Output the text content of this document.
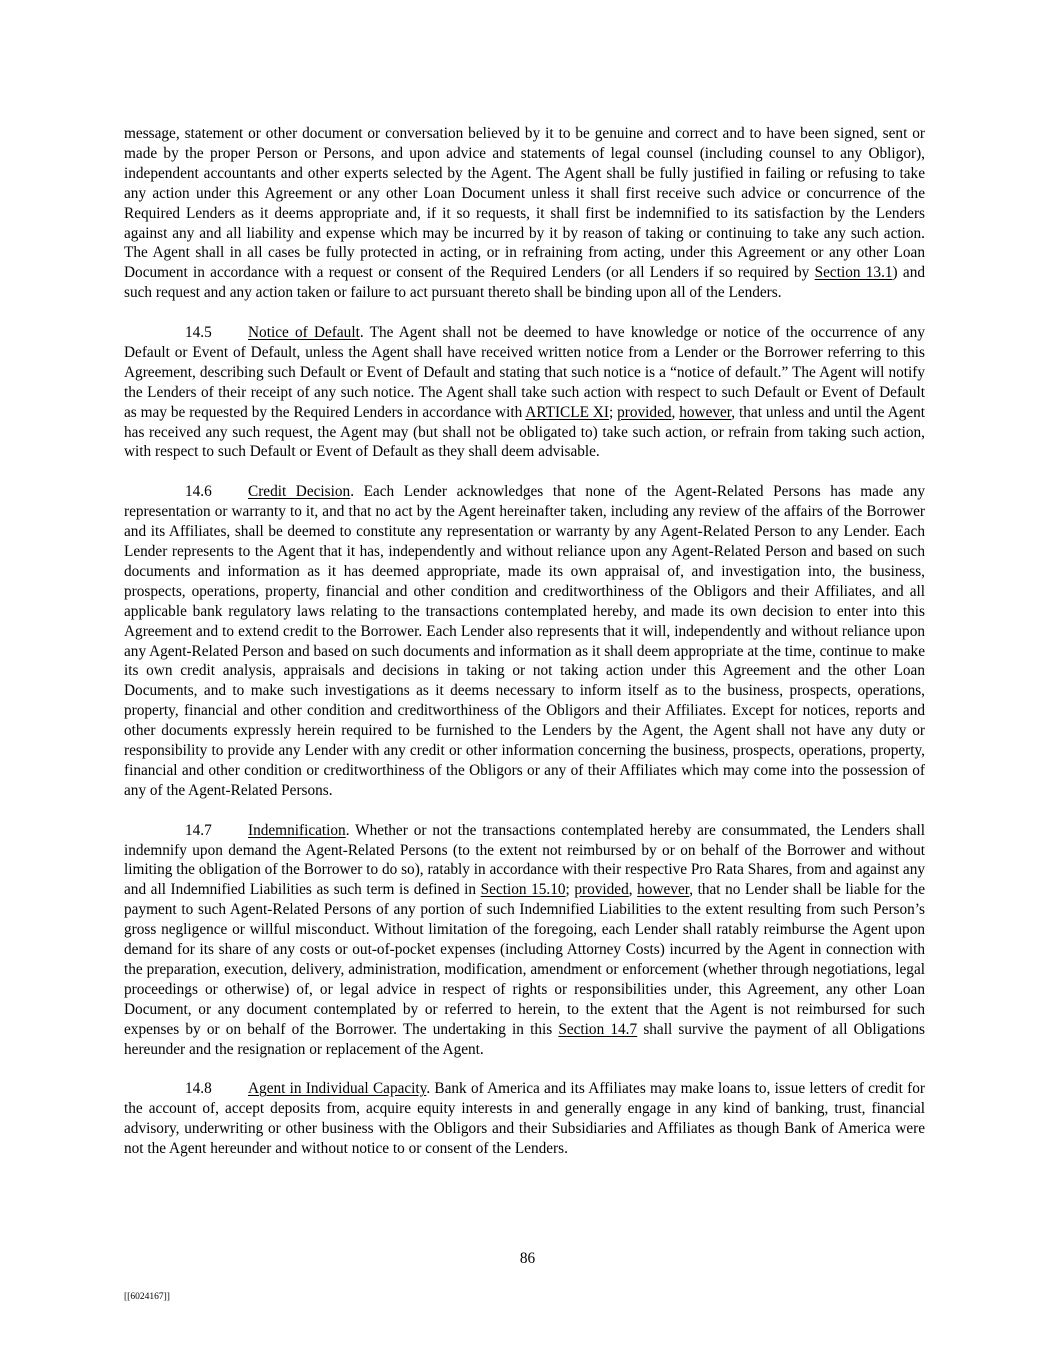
message, statement or other document or conversation believed by it to be genuine and correct and to have been signed, sent or made by the proper Person or Persons, and upon advice and statements of legal counsel (including counsel to any Obligor), independent accountants and other experts selected by the Agent. The Agent shall be fully justified in failing or refusing to take any action under this Agreement or any other Loan Document unless it shall first receive such advice or concurrence of the Required Lenders as it deems appropriate and, if it so requests, it shall first be indemnified to its satisfaction by the Lenders against any and all liability and expense which may be incurred by it by reason of taking or continuing to take any such action. The Agent shall in all cases be fully protected in acting, or in refraining from acting, under this Agreement or any other Loan Document in accordance with a request or consent of the Required Lenders (or all Lenders if so required by Section 13.1) and such request and any action taken or failure to act pursuant thereto shall be binding upon all of the Lenders.

14.5 Notice of Default. The Agent shall not be deemed to have knowledge or notice of the occurrence of any Default or Event of Default, unless the Agent shall have received written notice from a Lender or the Borrower referring to this Agreement, describing such Default or Event of Default and stating that such notice is a “notice of default.” The Agent will notify the Lenders of their receipt of any such notice. The Agent shall take such action with respect to such Default or Event of Default as may be requested by the Required Lenders in accordance with ARTICLE XI; provided, however, that unless and until the Agent has received any such request, the Agent may (but shall not be obligated to) take such action, or refrain from taking such action, with respect to such Default or Event of Default as they shall deem advisable.

14.6 Credit Decision. Each Lender acknowledges that none of the Agent-Related Persons has made any representation or warranty to it, and that no act by the Agent hereinafter taken, including any review of the affairs of the Borrower and its Affiliates, shall be deemed to constitute any representation or warranty by any Agent-Related Person to any Lender. Each Lender represents to the Agent that it has, independently and without reliance upon any Agent-Related Person and based on such documents and information as it has deemed appropriate, made its own appraisal of, and investigation into, the business, prospects, operations, property, financial and other condition and creditworthiness of the Obligors and their Affiliates, and all applicable bank regulatory laws relating to the transactions contemplated hereby, and made its own decision to enter into this Agreement and to extend credit to the Borrower. Each Lender also represents that it will, independently and without reliance upon any Agent-Related Person and based on such documents and information as it shall deem appropriate at the time, continue to make its own credit analysis, appraisals and decisions in taking or not taking action under this Agreement and the other Loan Documents, and to make such investigations as it deems necessary to inform itself as to the business, prospects, operations, property, financial and other condition and creditworthiness of the Obligors and their Affiliates. Except for notices, reports and other documents expressly herein required to be furnished to the Lenders by the Agent, the Agent shall not have any duty or responsibility to provide any Lender with any credit or other information concerning the business, prospects, operations, property, financial and other condition or creditworthiness of the Obligors or any of their Affiliates which may come into the possession of any of the Agent-Related Persons.

14.7 Indemnification. Whether or not the transactions contemplated hereby are consummated, the Lenders shall indemnify upon demand the Agent-Related Persons (to the extent not reimbursed by or on behalf of the Borrower and without limiting the obligation of the Borrower to do so), ratably in accordance with their respective Pro Rata Shares, from and against any and all Indemnified Liabilities as such term is defined in Section 15.10; provided, however, that no Lender shall be liable for the payment to such Agent-Related Persons of any portion of such Indemnified Liabilities to the extent resulting from such Person’s gross negligence or willful misconduct. Without limitation of the foregoing, each Lender shall ratably reimburse the Agent upon demand for its share of any costs or out-of-pocket expenses (including Attorney Costs) incurred by the Agent in connection with the preparation, execution, delivery, administration, modification, amendment or enforcement (whether through negotiations, legal proceedings or otherwise) of, or legal advice in respect of rights or responsibilities under, this Agreement, any other Loan Document, or any document contemplated by or referred to herein, to the extent that the Agent is not reimbursed for such expenses by or on behalf of the Borrower. The undertaking in this Section 14.7 shall survive the payment of all Obligations hereunder and the resignation or replacement of the Agent.

14.8 Agent in Individual Capacity. Bank of America and its Affiliates may make loans to, issue letters of credit for the account of, accept deposits from, acquire equity interests in and generally engage in any kind of banking, trust, financial advisory, underwriting or other business with the Obligors and their Subsidiaries and Affiliates as though Bank of America were not the Agent hereunder and without notice to or consent of the Lenders.

86
[[6024167]]
